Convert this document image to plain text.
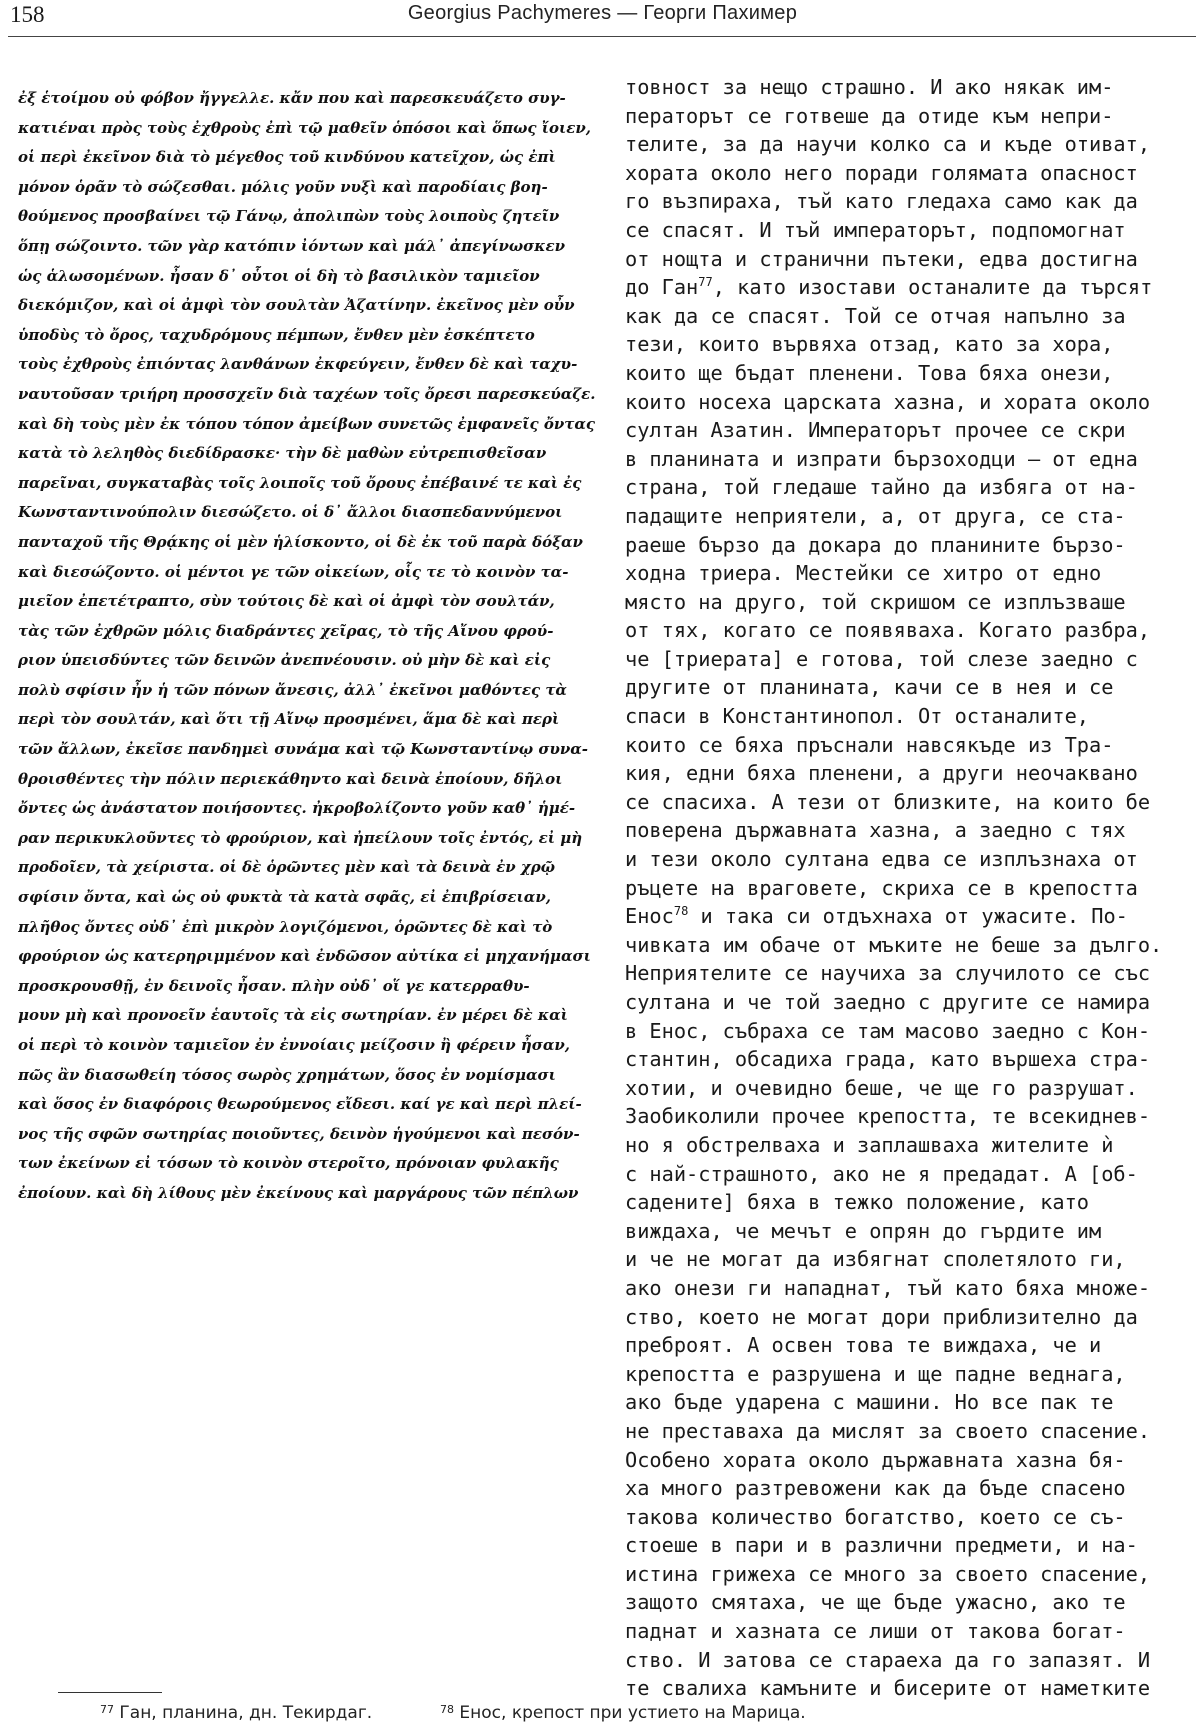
158	Georgius Pachymeres — Георги Пахимер
ἐξ ἑτοίμου οὐ φόβον ἤγγελλε. κἄν που καὶ παρεσκευάζετο συγ-
κατιέναι πρὸς τοὺς ἐχθροὺς ἐπὶ τῷ μαθεῖν ὁπόσοι καὶ ὅπως ἴοιεν,
οἱ περὶ ἐκεῖνον διὰ τὸ μέγεθος τοῦ κινδύνου κατεῖχον, ὡς ἐπὶ
μόνον ὁρᾶν τὸ σώζεσθαι. μόλις γοῦν νυξὶ καὶ παροδίαις βοη-
θούμενος προσβαίνει τῷ Γάνῳ, ἀπολιπὼν τοὺς λοιποὺς ζητεῖν
ὅπῃ σώζοιντο. τῶν γὰρ κατόπιν ἰόντων καὶ μάλ᾿ ἀπεγίνωσκεν
ὡς ἁλωσομένων. ἦσαν δ᾿ οὗτοι οἱ δὴ τὸ βασιλικὸν ταμιεῖον
διεκόμιζον, καὶ οἱ ἀμφὶ τὸν σουλτὰν Ἀζατίνην. ἐκεῖνος μὲν οὖν
ὑποδὺς τὸ ὄρος, ταχυδρόμους πέμπων, ἔνθεν μὲν ἐσκέπτετο
τοὺς ἐχθροὺς ἐπιόντας λανθάνων ἐκφεύγειν, ἔνθεν δὲ καὶ ταχυ-
ναυτοῦσαν τριήρη προσσχεῖν διὰ ταχέων τοῖς ὄρεσι παρεσκεύαζε.
καὶ δὴ τοὺς μὲν ἐκ τόπου τόπον ἀμείβων συνετῶς ἐμφανεῖς ὄντας
κατὰ τὸ λεληθὸς διεδίδρασκε· τὴν δὲ μαθὼν εὐτρεπισθεῖσαν
παρεῖναι, συγκαταβὰς τοῖς λοιποῖς τοῦ ὄρους ἐπέβαινέ τε καὶ ἐς
Κωνσταντινούπολιν διεσώζετο. οἱ δ᾿ ἄλλοι διασπεδαννύμενοι
πανταχοῦ τῆς Θρᾴκης οἱ μὲν ἡλίσκοντο, οἱ δὲ ἐκ τοῦ παρὰ δόξαν
καὶ διεσώζοντο. οἱ μέντοι γε τῶν οἰκείων, οἷς τε τὸ κοινὸν τα-
μιεῖον ἐπετέτραπτο, σὺν τούτοις δὲ καὶ οἱ ἀμφὶ τὸν σουλτάν,
τὰς τῶν ἐχθρῶν μόλις διαδράντες χεῖρας, τὸ τῆς Αἴνου φρού-
ριον ὑπεισδύντες τῶν δεινῶν ἀνεπνέουσιν. οὐ μὴν δὲ καὶ εἰς
πολὺ σφίσιν ἦν ἡ τῶν πόνων ἄνεσις, ἀλλ᾿ ἐκεῖνοι μαθόντες τὰ
περὶ τὸν σουλτάν, καὶ ὅτι τῇ Αἴνῳ προσμένει, ἅμα δὲ καὶ περὶ
τῶν ἄλλων, ἐκεῖσε πανδημεὶ συνάμα καὶ τῷ Κωνσταντίνῳ συνα-
θροισθέντες τὴν πόλιν περιεκάθηντο καὶ δεινὰ ἐποίουν, δῆλοι
ὄντες ὡς ἀνάστατον ποιήσοντες. ἠκροβολίζοντο γοῦν καθ᾿ ἡμέ-
ραν περικυκλοῦντες τὸ φρούριον, καὶ ἠπείλουν τοῖς ἐντός, εἰ μὴ
προδοῖεν, τὰ χείριστα. οἱ δὲ ὁρῶντες μὲν καὶ τὰ δεινὰ ἐν χρῷ
σφίσιν ὄντα, καὶ ὡς οὐ φυκτὰ τὰ κατὰ σφᾶς, εἰ ἐπιβρίσειαν,
πλῆθος ὄντες οὐδ᾿ ἐπὶ μικρὸν λογιζόμενοι, ὁρῶντες δὲ καὶ τὸ
φρούριον ὡς κατερηριμμένον καὶ ἐνδῶσον αὐτίκα εἰ μηχανήμασι
προσκρουσθῇ, ἐν δεινοῖς ἦσαν. πλὴν οὐδ᾿ οἵ γε κατερραθυ-
μουν μὴ καὶ προνοεῖν ἑαυτοῖς τὰ εἰς σωτηρίαν. ἐν μέρει δὲ καὶ
οἱ περὶ τὸ κοινὸν ταμιεῖον ἐν ἐννοίαις μείζοσιν ἢ φέρειν ἦσαν,
πῶς ἂν διασωθείη τόσος σωρὸς χρημάτων, ὅσος ἐν νομίσμασι
καὶ ὅσος ἐν διαφόροις θεωρούμενος εἴδεσι. καί γε καὶ περὶ πλεί-
νος τῆς σφῶν σωτηρίας ποιοῦντες, δεινὸν ἡγούμενοι καὶ πεσόν-
των ἐκείνων εἰ τόσων τὸ κοινὸν στεροῖτο, πρόνοιαν φυλακῆς
ἐποίουν. καὶ δὴ λίθους μὲν ἐκείνους καὶ μαργάρους τῶν πέπλων
товност за нещо страшно. И ако някак им-
ператорът се готвеше да отиде към непри-
телите, за да научи колко са и къде отиват,
хората около него поради голямата опасност
го възпираха, тъй като гледаха само как да
се спасят. И тъй императорът, подпомогнат
от нощта и странични пътеки, едва достигна
до Ган$^{77}$, като изостави останалите да търсят
как да се спасят. Той се отчая напълно за
тези, които вървяха отзад, като за хора,
които ще бъдат пленени. Това бяха онези,
които носеха царската хазна, и хората около
султан Азатин. Императорът прочее се скри
в планината и изпрати бързоходци — от една
страна, той гледаше тайно да избяга от на-
падащите неприятели, а, от друга, се ста-
раеше бързо да докара до планините бързо-
ходна триера. Местейки се хитро от едно
място на друго, той скришом се изплъзваше
от тях, когато се появяваха. Когато разбра,
че [триерата] е готова, той слезе заедно с
другите от планината, качи се в нея и се
спаси в Константинопол. От останалите,
които се бяха пръснали навсякъде из Тра-
кия, едни бяха пленени, а други неочаквано
се спасиха. А тези от близките, на които бе
поверена държавната хазна, а заедно с тях
и тези около султана едва се изплъзнаха от
ръцете на враговете, скриха се в крепостта
Енос$^{78}$ и така си отдъхнаха от ужасите. По-
чивката им обаче от мъките не беше за дълго.
Неприятелите се научиха за случилото се със
султана и че той заедно с другите се намира
в Енос, събраха се там масово заедно с Кон-
стантин, обсадиха града, като вършеха стра-
хотии, и очевидно беше, че ще го разрушат.
Заобиколили прочее крепостта, те всекиднев-
но я обстрелваха и заплашваха жителите ѝ
с най-страшното, ако не я предадат. А [об-
садените] бяха в тежко положение, като
виждаха, че мечът е опрян до гърдите им
и че не могат да избягнат сполетялото ги,
ако онези ги нападнат, тъй като бяха множе-
ство, което не могат дори приблизително да
преброят. А освен това те виждаха, че и
крепостта е разрушена и ще падне веднага,
ако бъде ударена с машини. Но все пак те
не преставаха да мислят за своето спасение.
Особено хората около държавната хазна бя-
ха много разтревожени как да бъде спасено
такова количество богатство, което се съ-
стоеше в пари и в различни предмети, и на-
истина грижеха се много за своето спасение,
защото смятаха, че ще бъде ужасно, ако те
паднат и хазната се лиши от такова богат-
ство. И затова се стараеха да го запазят. И
те свалиха камъните и бисерите от наметките
$^{77}$ Ган, планина, дн. Текирдаг.	$^{78}$ Енос, крепост при устието на Марица.
